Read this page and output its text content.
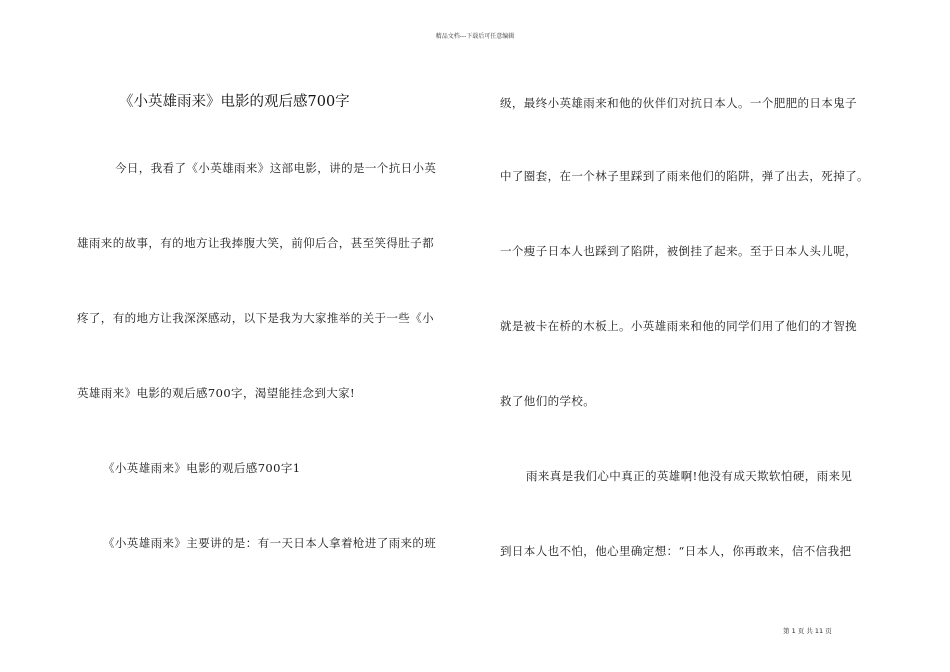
精品文档---下载后可任意编辑
《小英雄雨来》电影的观后感700字
今日，我看了《小英雄雨来》这部电影，讲的是一个抗日小英
雄雨来的故事，有的地方让我捧腹大笑，前仰后合，甚至笑得肚子都
疼了，有的地方让我深深感动，以下是我为大家推举的关于一些《小
英雄雨来》电影的观后感700字，渴望能挂念到大家!
《小英雄雨来》电影的观后感700字1
《小英雄雨来》主要讲的是：有一天日本人拿着枪进了雨来的班
级，最终小英雄雨来和他的伙伴们对抗日本人。一个肥肥的日本鬼子
中了圈套，在一个林子里踩到了雨来他们的陷阱，弹了出去，死掉了。
一个瘦子日本人也踩到了陷阱，被倒挂了起来。至于日本人头儿呢，
就是被卡在桥的木板上。小英雄雨来和他的同学们用了他们的才智挽
救了他们的学校。
雨来真是我们心中真正的英雄啊!他没有成天欺软怕硬，雨来见
到日本人也不怕，他心里确定想：“日本人，你再敢来，信不信我把
第 1 页 共 11 页
